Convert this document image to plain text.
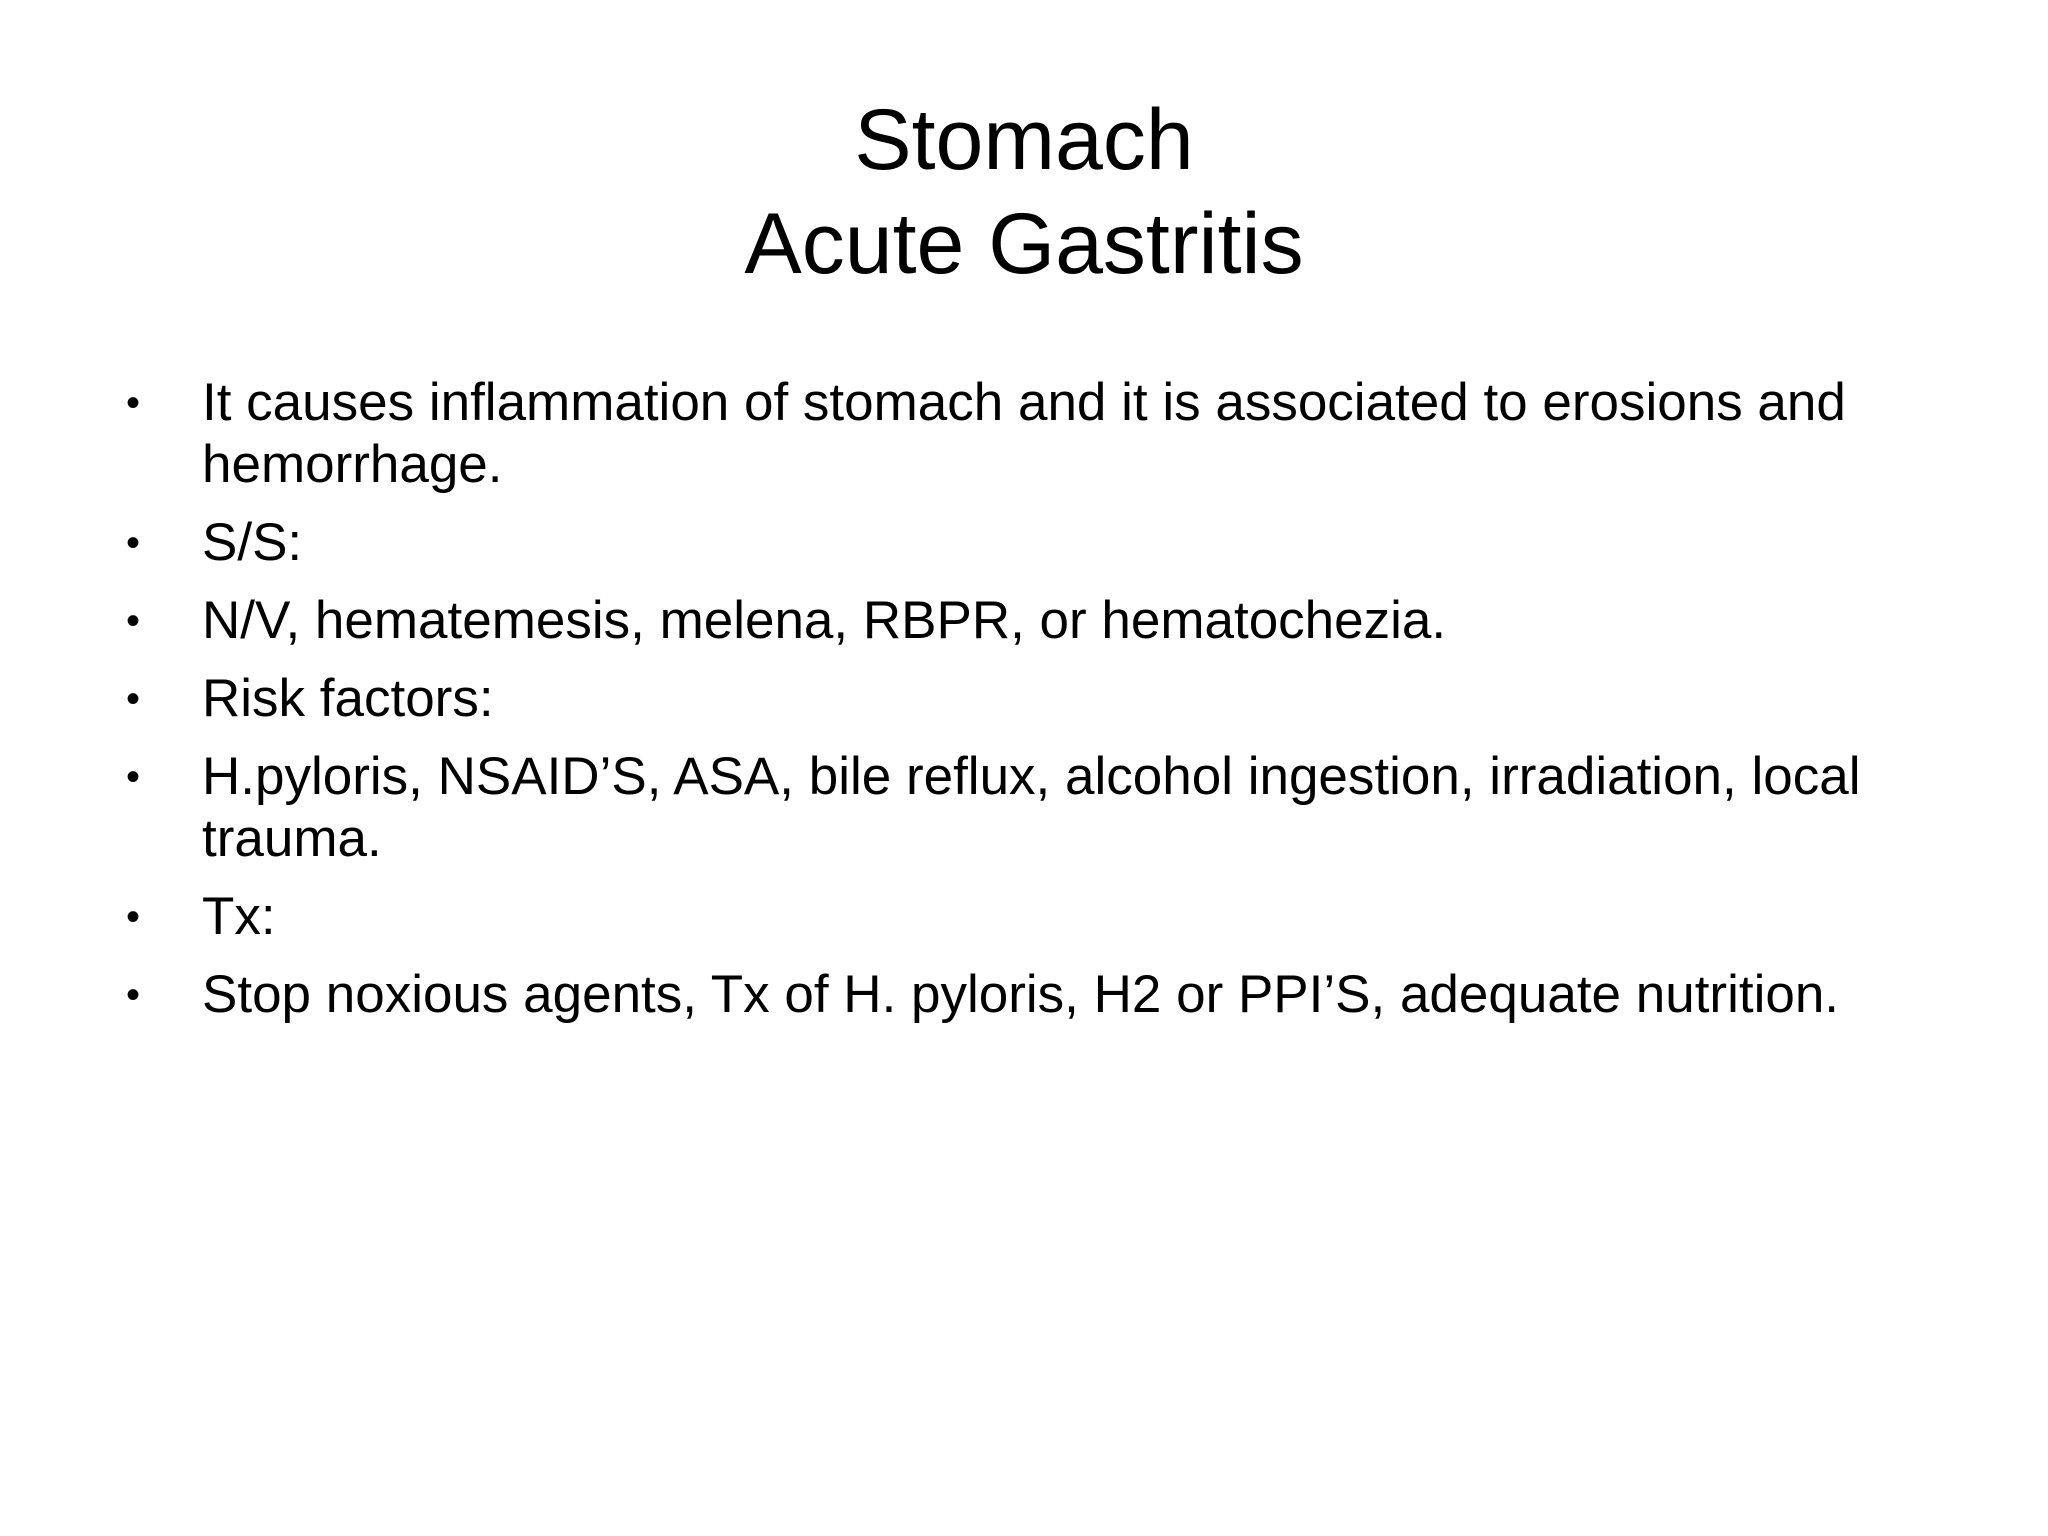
Stomach
Acute Gastritis
• It causes inflammation of stomach and it is associated to erosions and hemorrhage.
• S/S:
• N/V, hematemesis, melena, RBPR, or hematochezia.
• Risk factors:
• H.pyloris, NSAID’S, ASA, bile reflux, alcohol ingestion, irradiation, local trauma.
• Tx:
• Stop noxious agents, Tx of H. pyloris, H2 or PPI’S, adequate nutrition.
